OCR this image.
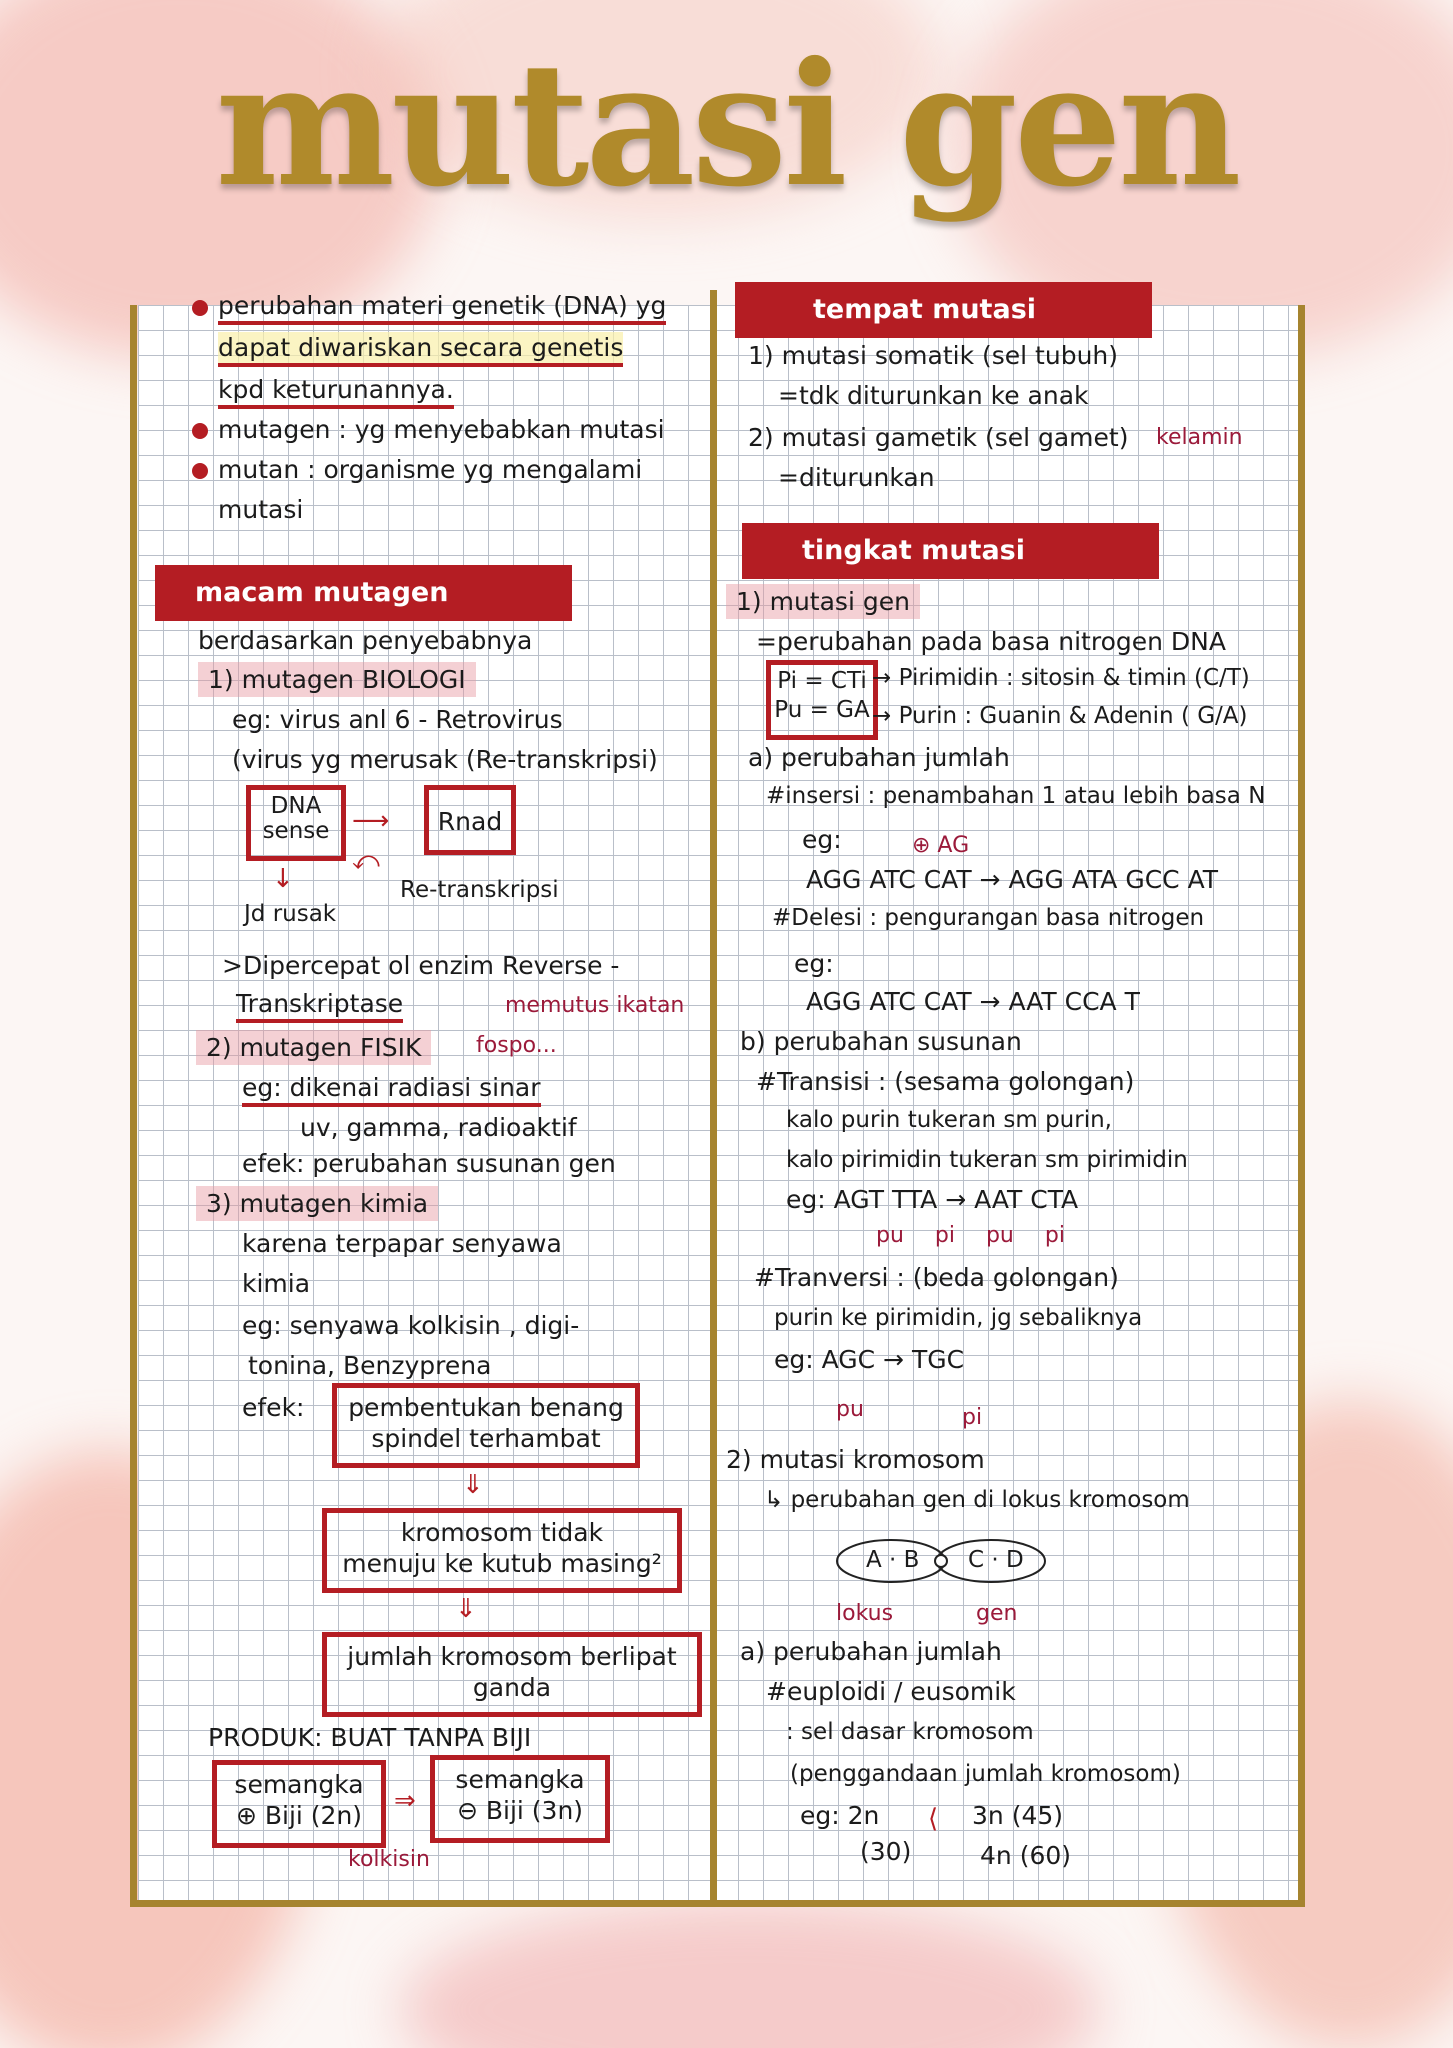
mutasi gen
perubahan materi genetik (DNA) yg
dapat diwariskan secara genetis
kpd keturunannya.
mutagen : yg menyebabkan mutasi
mutan : organisme yg mengalami
mutasi
macam mutagen
berdasarkan penyebabnya
1) mutagen BIOLOGI
eg: virus anl 6 - Retrovirus
(virus yg merusak (Re-transkripsi)
DNA sense ⟶	Rnad
⤺
Re-transkripsi
↓
Jd rusak
>Dipercepat ol enzim Reverse -
Transkriptase	memutus ikatan
2) mutagen FISIK	fospo...
eg: dikenai radiasi sinar
uv, gamma, radioaktif
efek: perubahan susunan gen
3) mutagen kimia
karena terpapar senyawa
kimia
eg: senyawa kolkisin , digi-
tonina, Benzyprena
efek:	pembentukan benang
spindel terhambat
⇓
kromosom tidak
menuju ke kutub masing²
⇓
jumlah kromosom berlipat
ganda
PRODUK: BUAT TANPA BIJI
semangka
⊕ Biji (2n)	⇒
semangka
⊖ Biji (3n)
kolkisin
tempat mutasi
1) mutasi somatik (sel tubuh)
=tdk diturunkan ke anak
2) mutasi gametik (sel gamet) kelamin
=diturunkan
tingkat mutasi
1) mutasi gen
=perubahan pada basa nitrogen DNA
Pi = CTi
Pu = GA
→ Pirimidin : sitosin & timin (C/T)
→ Purin : Guanin & Adenin ( G/A)
a) perubahan jumlah
#insersi : penambahan 1 atau lebih basa N
eg:	⊕ AG
AGG ATC CAT → AGG ATA GCC AT
#Delesi : pengurangan basa nitrogen
eg:
AGG ATC CAT → AAT CCA T
b) perubahan susunan
#Transisi : (sesama golongan)
kalo purin tukeran sm purin,
kalo pirimidin tukeran sm pirimidin
eg: AGT TTA → AAT CTA
pu pi pu pi
#Tranversi : (beda golongan)
purin ke pirimidin, jg sebaliknya
eg: AGC → TGC
pu	pi
2) mutasi kromosom
↳ perubahan gen di lokus kromosom
A · B C · D
lokus	gen
a) perubahan jumlah
#euploidi / eusomik
: sel dasar kromosom
(penggandaan jumlah kromosom)
eg: 2n
(30)
⟨ 3n (45)
4n (60)
